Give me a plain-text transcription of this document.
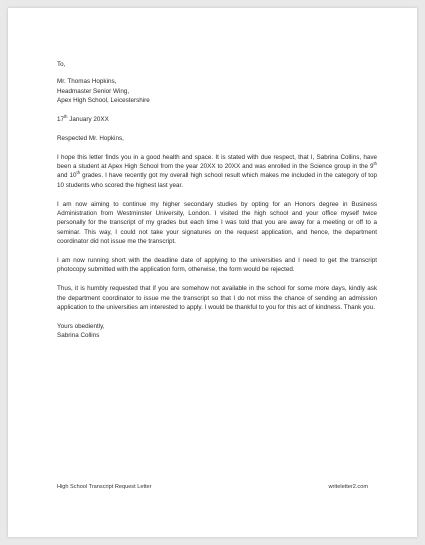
To,

Mr. Thomas Hopkins,

Headmaster Senior Wing,

Apex High School, Leicestershire

17th January 20XX

Respected Mr. Hopkins,

I hope this letter finds you in a good health and space. It is stated with due respect, that I, Sabrina Collins, have been a student at Apex High School from the year 20XX to 20XX and was enrolled in the Science group in the 9th and 10th grades. I have recently got my overall high school result which makes me included in the category of top 10 students who scored the highest last year.

I am now aiming to continue my higher secondary studies by opting for an Honors degree in Business Administration from Westminster University, London. I visited the high school and your office myself twice personally for the transcript of my grades but each time I was told that you are away for a meeting or off to a seminar. This way, I could not take your signatures on the request application, and hence, the department coordinator did not issue me the transcript.

I am now running short with the deadline date of applying to the universities and I need to get the transcript photocopy submitted with the application form, otherwise, the form would be rejected.

Thus, it is humbly requested that if you are somehow not available in the school for some more days, kindly ask the department coordinator to issue me the transcript so that I do not miss the chance of sending an admission application to the universities am interested to apply. I would be thankful to you for this act of kindness. Thank you.

Yours obediently,

Sabrina Collins

High School Transcript Request Letter	writeletter2.com
